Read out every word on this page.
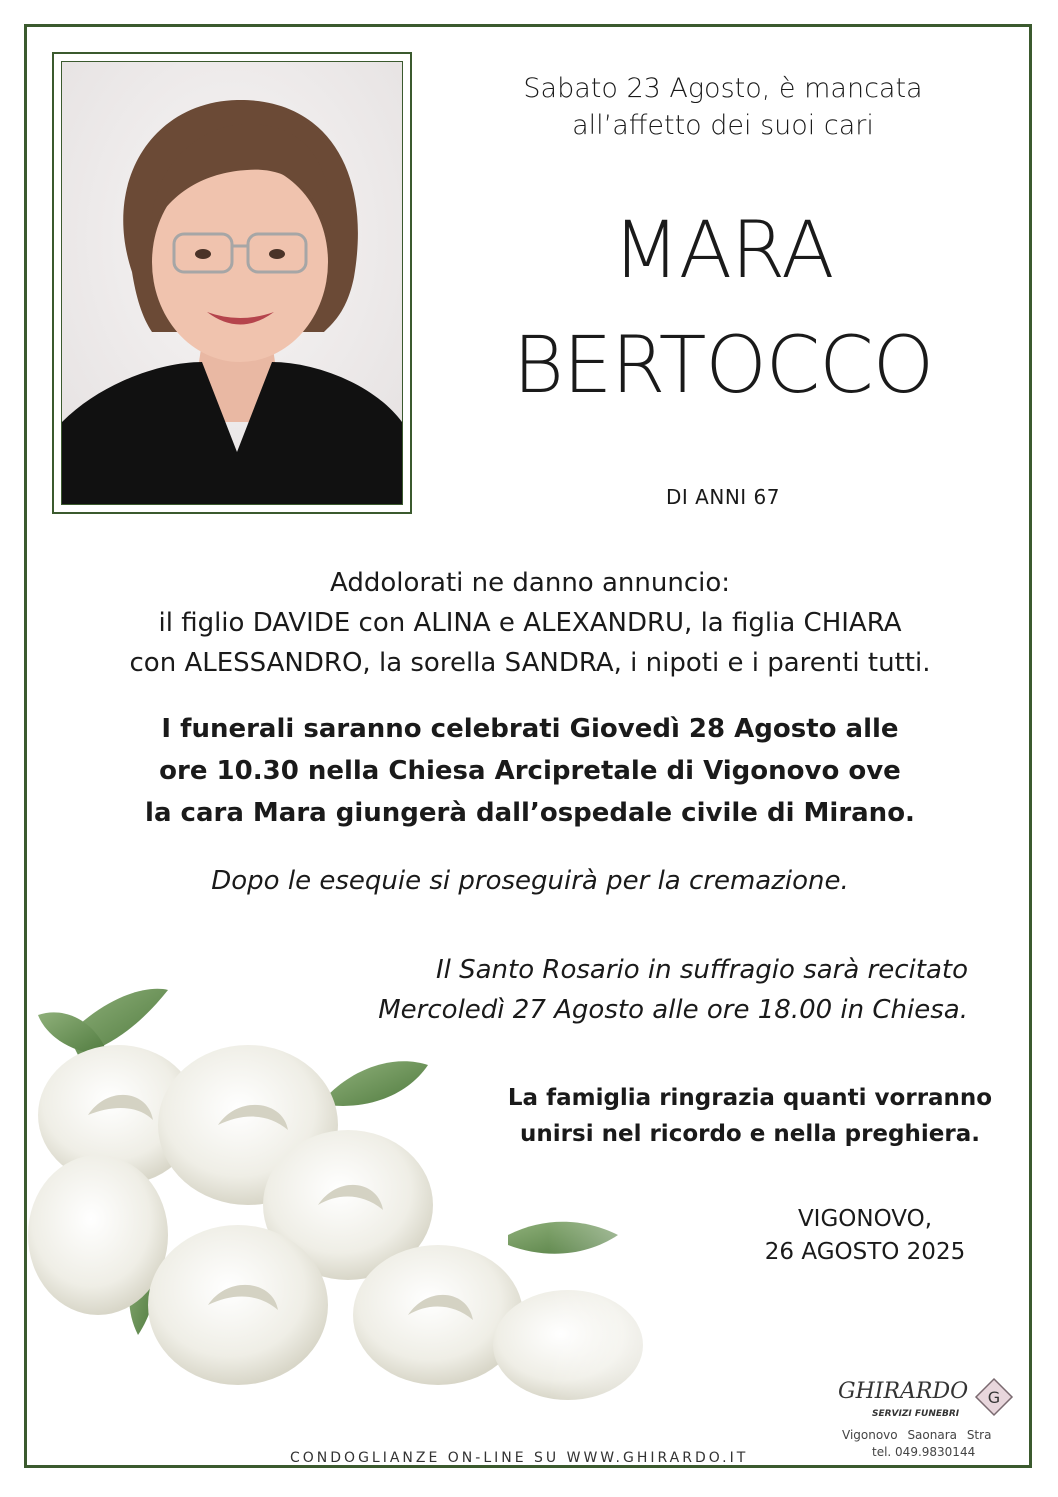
Sabato 23 Agosto, è mancata
all’affetto dei suoi cari
MARA
BERTOCCO
DI ANNI 67
Addolorati ne danno annuncio:
il figlio DAVIDE con ALINA e ALEXANDRU, la figlia CHIARA
con ALESSANDRO, la sorella SANDRA, i nipoti e i parenti tutti.
I funerali saranno celebrati Giovedì 28 Agosto alle
ore 10.30 nella Chiesa Arcipretale di Vigonovo ove
la cara Mara giungerà dall’ospedale civile di Mirano.
Dopo le esequie si proseguirà per la cremazione.
Il Santo Rosario in suffragio sarà recitato
Mercoledì 27 Agosto alle ore 18.00 in Chiesa.
La famiglia ringrazia quanti vorranno
unirsi nel ricordo e nella preghiera.
VIGONOVO,
26 AGOSTO 2025
CONDOGLIANZE ON-LINE SU WWW.GHIRARDO.IT
GHIRARDO
SERVIZI FUNEBRI
G
Vigonovo Saonara Stra
tel. 049.9830144
